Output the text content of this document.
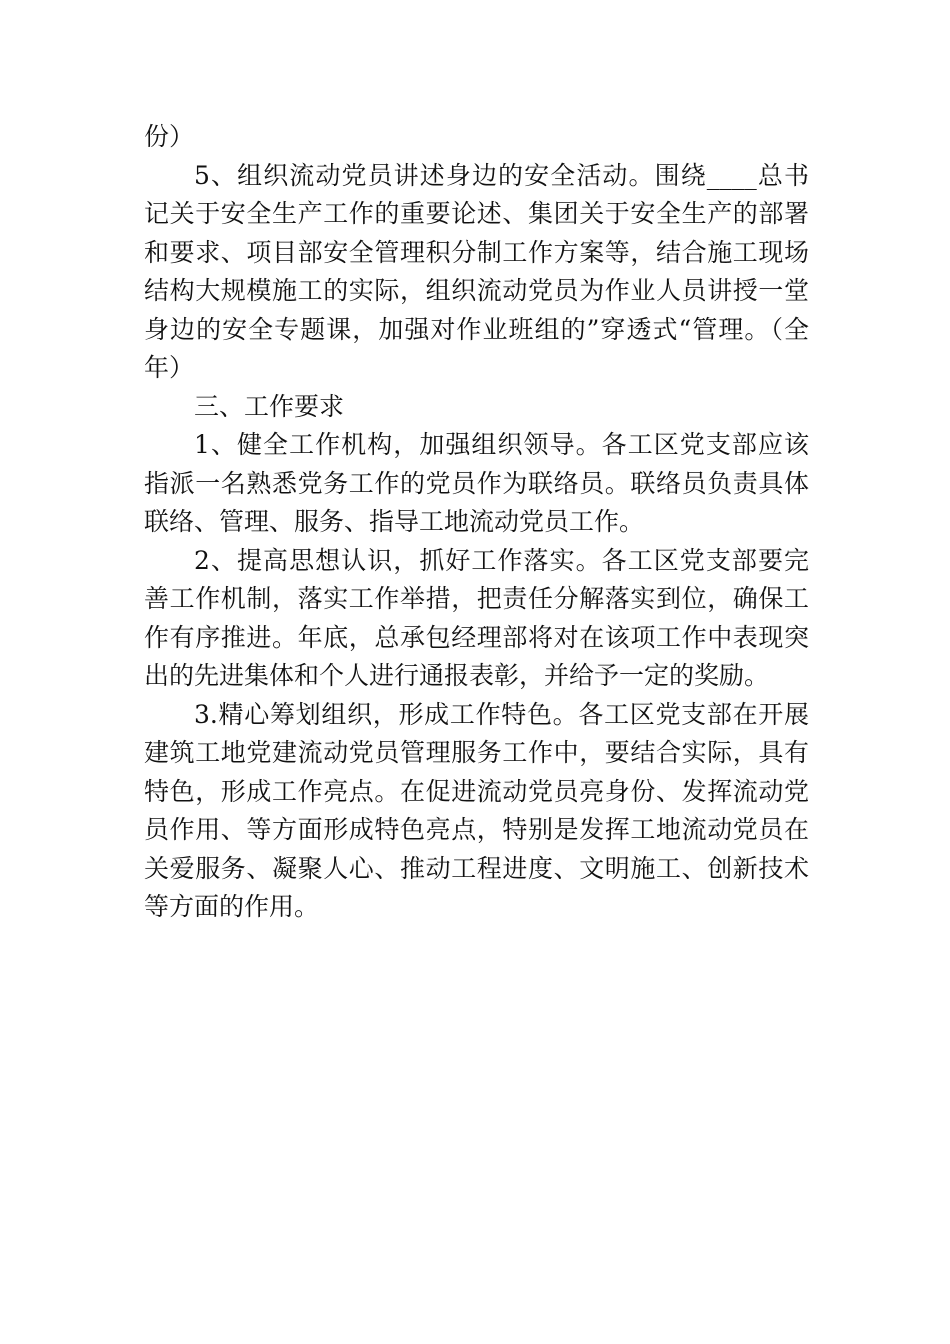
份）

5、组织流动党员讲述身边的安全活动。围绕____总书记关于安全生产工作的重要论述、集团关于安全生产的部署和要求、项目部安全管理积分制工作方案等，结合施工现场结构大规模施工的实际，组织流动党员为作业人员讲授一堂身边的安全专题课，加强对作业班组的”穿透式“管理。（全年）

三、工作要求

1、健全工作机构，加强组织领导。各工区党支部应该指派一名熟悉党务工作的党员作为联络员。联络员负责具体联络、管理、服务、指导工地流动党员工作。

2、提高思想认识，抓好工作落实。各工区党支部要完善工作机制，落实工作举措，把责任分解落实到位，确保工作有序推进。年底，总承包经理部将对在该项工作中表现突出的先进集体和个人进行通报表彰，并给予一定的奖励。

3.精心筹划组织，形成工作特色。各工区党支部在开展建筑工地党建流动党员管理服务工作中，要结合实际，具有特色，形成工作亮点。在促进流动党员亮身份、发挥流动党员作用、等方面形成特色亮点，特别是发挥工地流动党员在关爱服务、凝聚人心、推动工程进度、文明施工、创新技术等方面的作用。
